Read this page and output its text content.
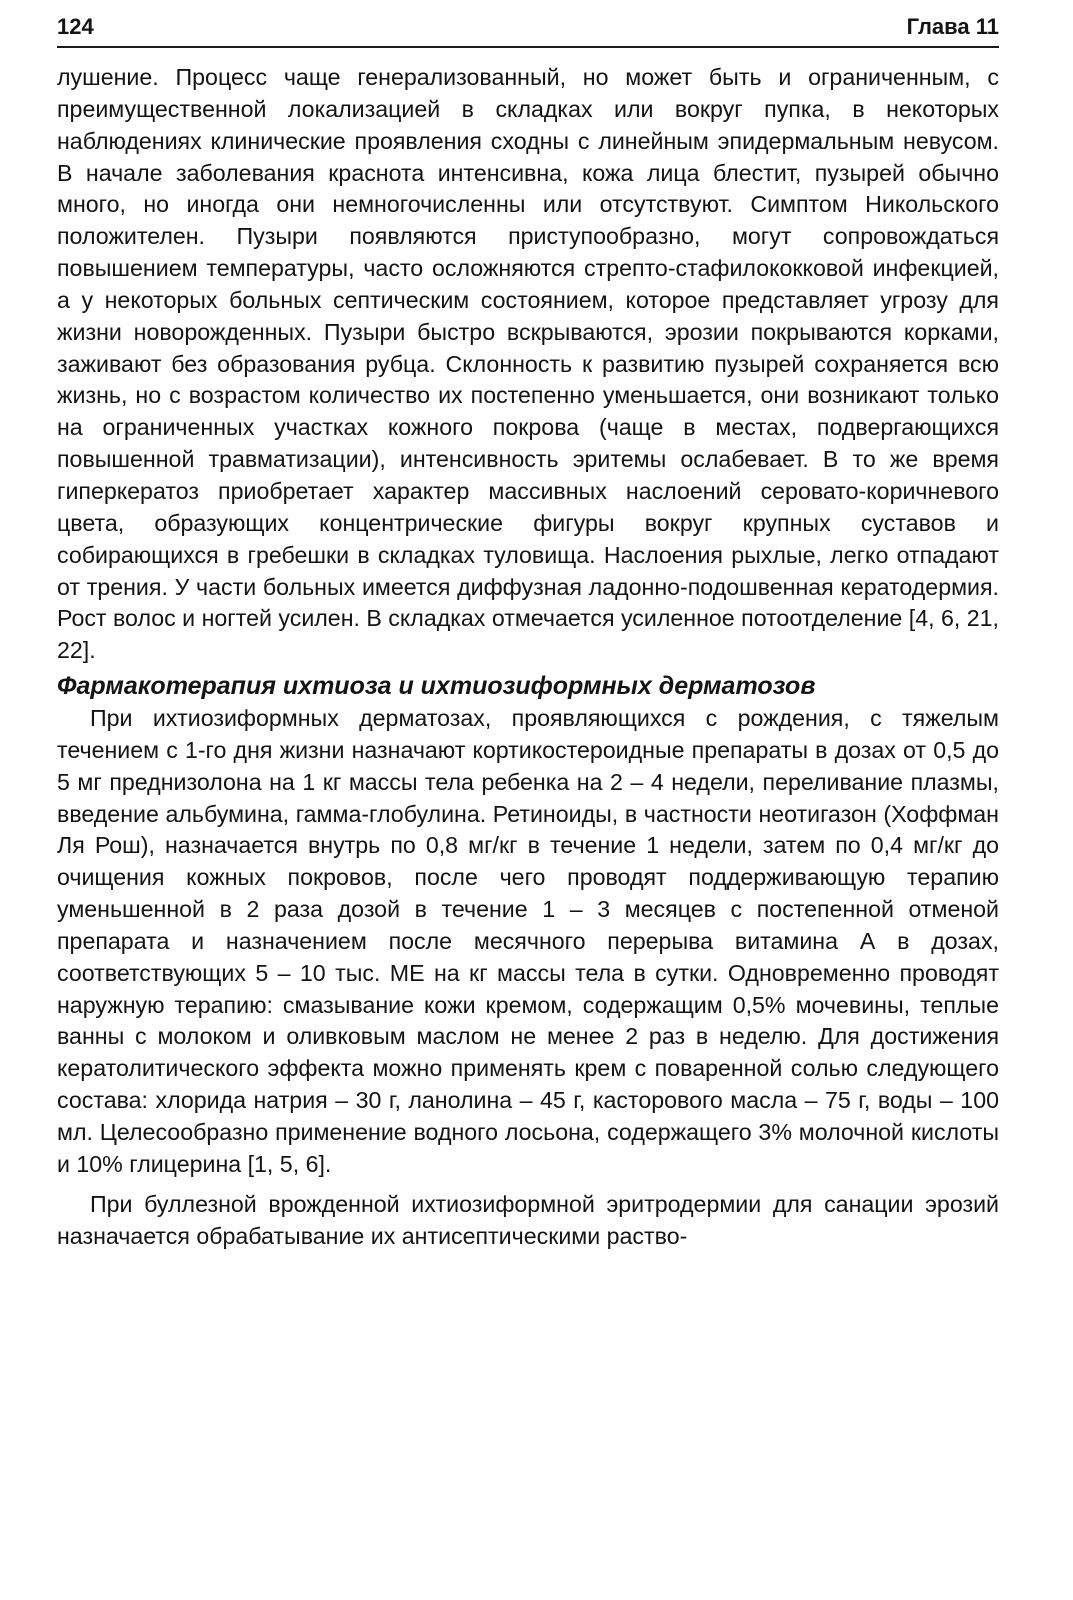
124	Глава 11

лушение. Процесс чаще генерализованный, но может быть и ограниченным, с преимущественной локализацией в складках или вокруг пупка, в некоторых наблюдениях клинические проявления сходны с линейным эпидермальным невусом. В начале заболевания краснота интенсивна, кожа лица блестит, пузырей обычно много, но иногда они немногочисленны или отсутствуют. Симптом Никольского положителен. Пузыри появляются приступообразно, могут сопровождаться повышением температуры, часто осложняются стрепто-стафилококковой инфекцией, а у некоторых больных септическим состоянием, которое представляет угрозу для жизни новорожденных. Пузыри быстро вскрываются, эрозии покрываются корками, заживают без образования рубца. Склонность к развитию пузырей сохраняется всю жизнь, но с возрастом количество их постепенно уменьшается, они возникают только на ограниченных участках кожного покрова (чаще в местах, подвергающихся повышенной травматизации), интенсивность эритемы ослабевает. В то же время гиперкератоз приобретает характер массивных наслоений серовато-коричневого цвета, образующих концентрические фигуры вокруг крупных суставов и собирающихся в гребешки в складках туловища. Наслоения рыхлые, легко отпадают от трения. У части больных имеется диффузная ладонно-подошвенная кератодермия. Рост волос и ногтей усилен. В складках отмечается усиленное потоотделение [4, 6, 21, 22].

Фармакотерапия ихтиоза и ихтиозиформных дерматозов

При ихтиозиформных дерматозах, проявляющихся с рождения, с тяжелым течением с 1-го дня жизни назначают кортикостероидные препараты в дозах от 0,5 до 5 мг преднизолона на 1 кг массы тела ребенка на 2 – 4 недели, переливание плазмы, введение альбумина, гамма-глобулина. Ретиноиды, в частности неотигазон (Хоффман Ля Рош), назначается внутрь по 0,8 мг/кг в течение 1 недели, затем по 0,4 мг/кг до очищения кожных покровов, после чего проводят поддерживающую терапию уменьшенной в 2 раза дозой в течение 1 – 3 месяцев с постепенной отменой препарата и назначением после месячного перерыва витамина А в дозах, соответствующих 5 – 10 тыс. МЕ на кг массы тела в сутки. Одновременно проводят наружную терапию: смазывание кожи кремом, содержащим 0,5% мочевины, теплые ванны с молоком и оливковым маслом не менее 2 раз в неделю. Для достижения кератолитического эффекта можно применять крем с поваренной солью следующего состава: хлорида натрия – 30 г, ланолина – 45 г, касторового масла – 75 г, воды – 100 мл. Целесообразно применение водного лосьона, содержащего 3% молочной кислоты и 10% глицерина [1, 5, 6].

При буллезной врожденной ихтиозиформной эритродермии для санации эрозий назначается обрабатывание их антисептическими раство-
